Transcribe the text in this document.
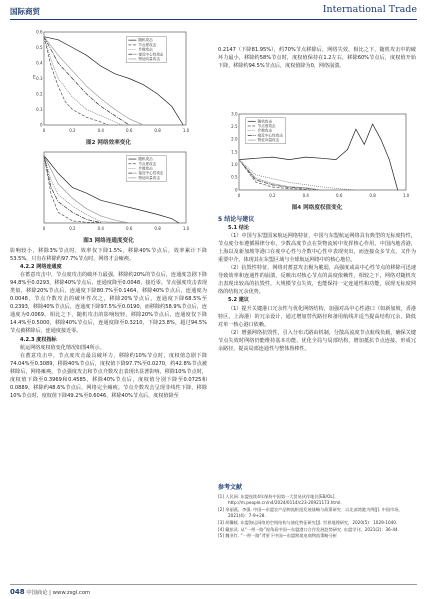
国际商贸	International Trade
0	0.2	0.4	0.6	0.8	1.0
0
0.1
0.2
0.3
0.4
0.5
0.6
E
随机攻击
节点度攻击
介数攻击
接近中心性攻击
特征向量攻击
图2 网络效率变化
0	0.2	0.4	0.6	0.8	1.0
随机攻击
节点度攻击
介数攻击
接近中心性攻击
特征向量攻击
图3 网络连通度变化
0	0.2	0.4	0.6	0.8	1.0
0
0.5
1.0
1.5
2.0
2.5
3.0
随机攻击
节点度攻击
介数攻击
接近中心性攻击
特征向量攻击
图4 网络度权值变化

影响较小，移除3%节点时，效率仅下降1.5%，移除40%节点后，效率累计下降53.5%，只有在移除约97.7%节点时，网络才会瘫痪。

4.2.2 网络连通度

在蓄意攻击中，节点度攻击的破坏力最强，移除约20%的节点后，连通度急剧下降94.8%至0.0293，移除40%节点后，连通度降至0.0048，接近零。节点强度攻击表现类似，移除20%节点后，连通度下降80.7%至0.1464，移除40%节点后，连通度为0.0048，节点介数攻击的破坏性次之，移除20%节点后，连通度下降68.5%至0.2393，移除40%节点后，连通度下降97.5%至0.0190，而移除约58.9%节点后，连通度为0.0069。相比之下，随机攻击的影响较轻，移除20%节点后，连通度仅下降14.4%至0.5000，移除40%节点后，连通度降至0.3210，下降23.8%，超过94.5%节点被移除后，连通度接近零。

4.2.3 度权指标

航运网络度权值变化情况如图4所示。

在蓄意攻击中，节点度攻击最具破坏力，移除约10%节点时，度权值急剧下降74.04%至0.3089，移除40%节点后，度权值下降97.7%至0.0270，约42.8%节点被移除后，网络瘫痪。节点强度攻击和节点介数攻击表现出显著影响，移除10%节点时，度权值下降至0.3969和0.4585，移除40%节点后，度权值分别下降至0.0725和0.0889。移除约48.6%节点后，网络完全瘫痪。节点介数攻击呈现非线性下降，移除10%节点时，度权值下降49.2%至0.6046，移除40%节点后，度权值降至

0.2147（下降81.95%），约70%节点移除后，网络失效，相比之下，随机攻击中的破坏力最小，移除约58%节点时，度权值保持在1.2左右，移除60%节点后，度权值开始下降，移除约94.5%节点后，度权值降为0，网络崩溃。

5 结论与建议

5.1 结论

（1）中国与东盟国家航运网络特征，中国与东盟航运网络具有典型的无标度特性，节点度分布遵循幂律分布，少数高度节点在货物流转中发挥核心作用，中国内地香港，上海以及新加坡等港口在度中心性与介数中心性中表现突出，而连接众多节点，又作为重要中介，体现其在东盟区域与全球航运网络中的核心地位。

（2）抗毁性特征，网络对蓄意攻击极为脆弱，高强度或高中心性节点的移除可迅速导致效率和连通性的崩溃，反映出对核心节点的高度依赖性，相较之下，网络对随机攻击表现出较高的抗毁性，大规模节点失效，也能保持一定连通性和功能，展现无标度网络的结构冗余优势。

5.2 建议

（1）提升关键港口冗余性与优化网络结构，加强对高中心性港口（如新加坡，香港特区，上海港）的冗余设计，通过增加替代路径和备用航线并适当提高结构冗余，降低对单一核心港口依赖。

（2）增强网络抗毁性，引入分布式路由机制，分散高流度节点航线负载，确保关键节点失效时网络仍能维持基本功能，优化全局与局部结构，增加抵抗节点连接，形成冗余路径，提高局部连通性与整体鲁棒性。

参考文献

[1] 人民网. 东盟连续4年保持中国第一大贸易伙伴地位[EB/OL]. http://m.people.cn/n4/2024/0114/c23-20921173.html.

[2] 余丽燕，李强. 中国—东盟农产品物流枢纽发展战略与政策研究：以北部湾港为例[J]. 中国市场，2021(4)：7-9+28.

[3] 胡馨媛. 东盟海运网络的空间结构与演化特征研究[J]. 世界地理研究，2020(5)：1029-1040.

[4] 戴彭武. 从“一带一路”视角看中国—东盟港口合作发展趋势研究. 东盟学刊，2021(2)：36-44.

[5] 魏亚红. “一带一路”背景下中国—东盟跨境电商物流策略分析

048 中国商论 | www.zsgl.com
